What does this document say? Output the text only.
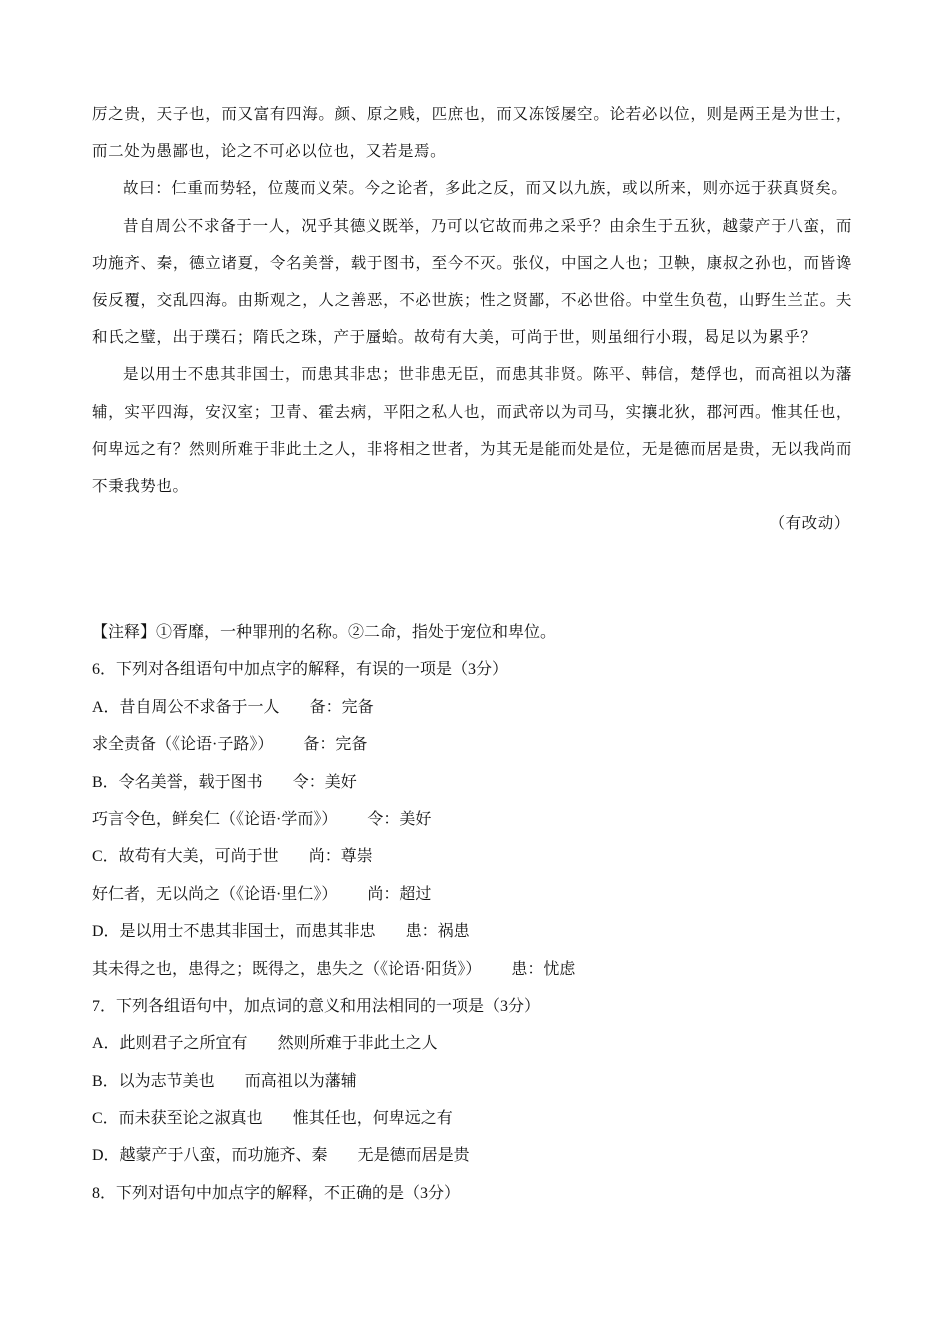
厉之贵，天子也，而又富有四海。颜、原之贱，匹庶也，而又冻馁屡空。论若必以位，则是两王是为世士，而二处为愚鄙也，论之不可必以位也，又若是焉。

故曰：仁重而势轻，位蔑而义荣。今之论者，多此之反，而又以九族，或以所来，则亦远于获真贤矣。

昔自周公不求备于一人，况乎其德义既举，乃可以它故而弗之采乎？由余生于五狄，越蒙产于八蛮，而功施齐、秦，德立诸夏，令名美誉，载于图书，至今不灭。张仪，中国之人也；卫鞅，康叔之孙也，而皆谗佞反覆，交乱四海。由斯观之，人之善恶，不必世族；性之贤鄙，不必世俗。中堂生负苞，山野生兰芷。夫和氏之璧，出于璞石；隋氏之珠，产于蜃蛤。故苟有大美，可尚于世，则虽细行小瑕，曷足以为累乎？

是以用士不患其非国士，而患其非忠；世非患无臣，而患其非贤。陈平、韩信，楚俘也，而高祖以为藩辅，实平四海，安汉室；卫青、霍去病，平阳之私人也，而武帝以为司马，实攘北狄，郡河西。惟其任也，何卑远之有？然则所难于非此土之人，非将相之世者，为其无是能而处是位，无是德而居是贵，无以我尚而不秉我势也。

（有改动）

【注释】①胥靡，一种罪刑的名称。②二命，指处于宠位和卑位。
6．下列对各组语句中加点字的解释，有误的一项是（3分）
A．昔自周公不求备于一人 备：完备
求全责备（《论语·子路》） 备：完备
B．令名美誉，载于图书 令：美好
巧言令色，鲜矣仁（《论语·学而》） 令：美好
C．故苟有大美，可尚于世 尚：尊崇
好仁者，无以尚之（《论语·里仁》） 尚：超过
D．是以用士不患其非国士，而患其非忠 患：祸患
其未得之也，患得之；既得之，患失之（《论语·阳货》） 患：忧虑
7．下列各组语句中，加点词的意义和用法相同的一项是（3分）
A．此则君子之所宜有 然则所难于非此土之人
B．以为志节美也 而高祖以为藩辅
C．而未获至论之淑真也 惟其任也，何卑远之有
D．越蒙产于八蛮，而功施齐、秦 无是德而居是贵
8．下列对语句中加点字的解释，不正确的是（3分）
